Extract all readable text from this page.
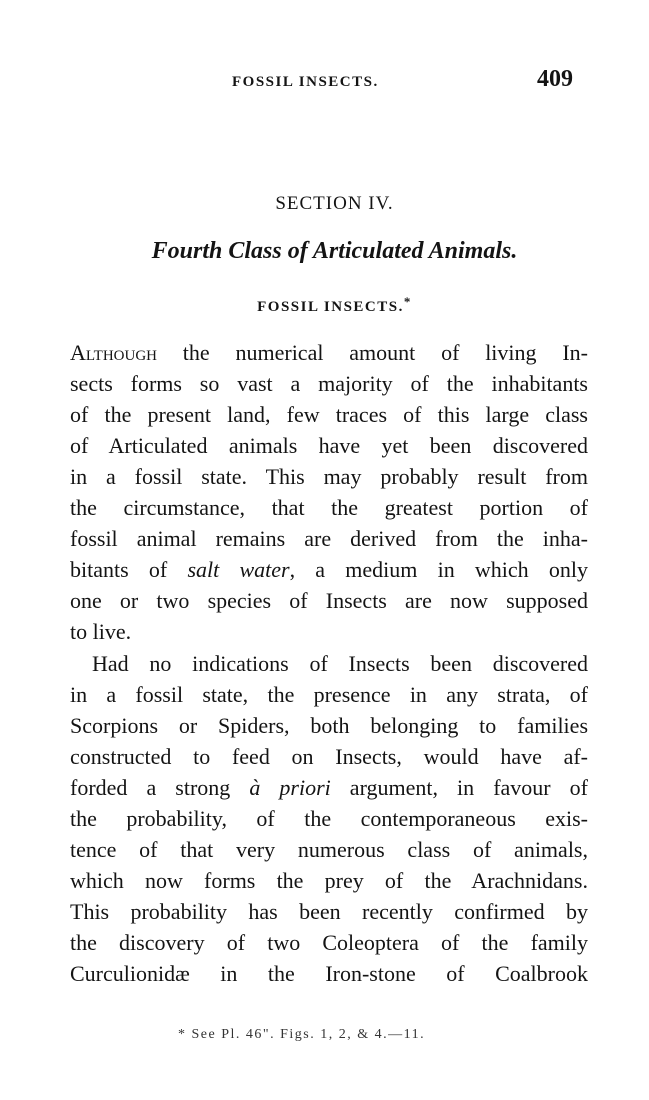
FOSSIL INSECTS.	409
SECTION IV.
Fourth Class of Articulated Animals.
FOSSIL INSECTS.*
Although the numerical amount of living In-
sects forms so vast a majority of the inhabitants
of the present land, few traces of this large class
of Articulated animals have yet been discovered
in a fossil state. This may probably result from
the circumstance, that the greatest portion of
fossil animal remains are derived from the inha-
bitants of salt water, a medium in which only
one or two species of Insects are now supposed
to live.
Had no indications of Insects been discovered
in a fossil state, the presence in any strata, of
Scorpions or Spiders, both belonging to families
constructed to feed on Insects, would have af-
forded a strong à priori argument, in favour of
the probability, of the contemporaneous exis-
tence of that very numerous class of animals,
which now forms the prey of the Arachnidans.
This probability has been recently confirmed by
the discovery of two Coleoptera of the family
Curculionidæ in the Iron-stone of Coalbrook
* See Pl. 46". Figs. 1, 2, & 4.—11.
